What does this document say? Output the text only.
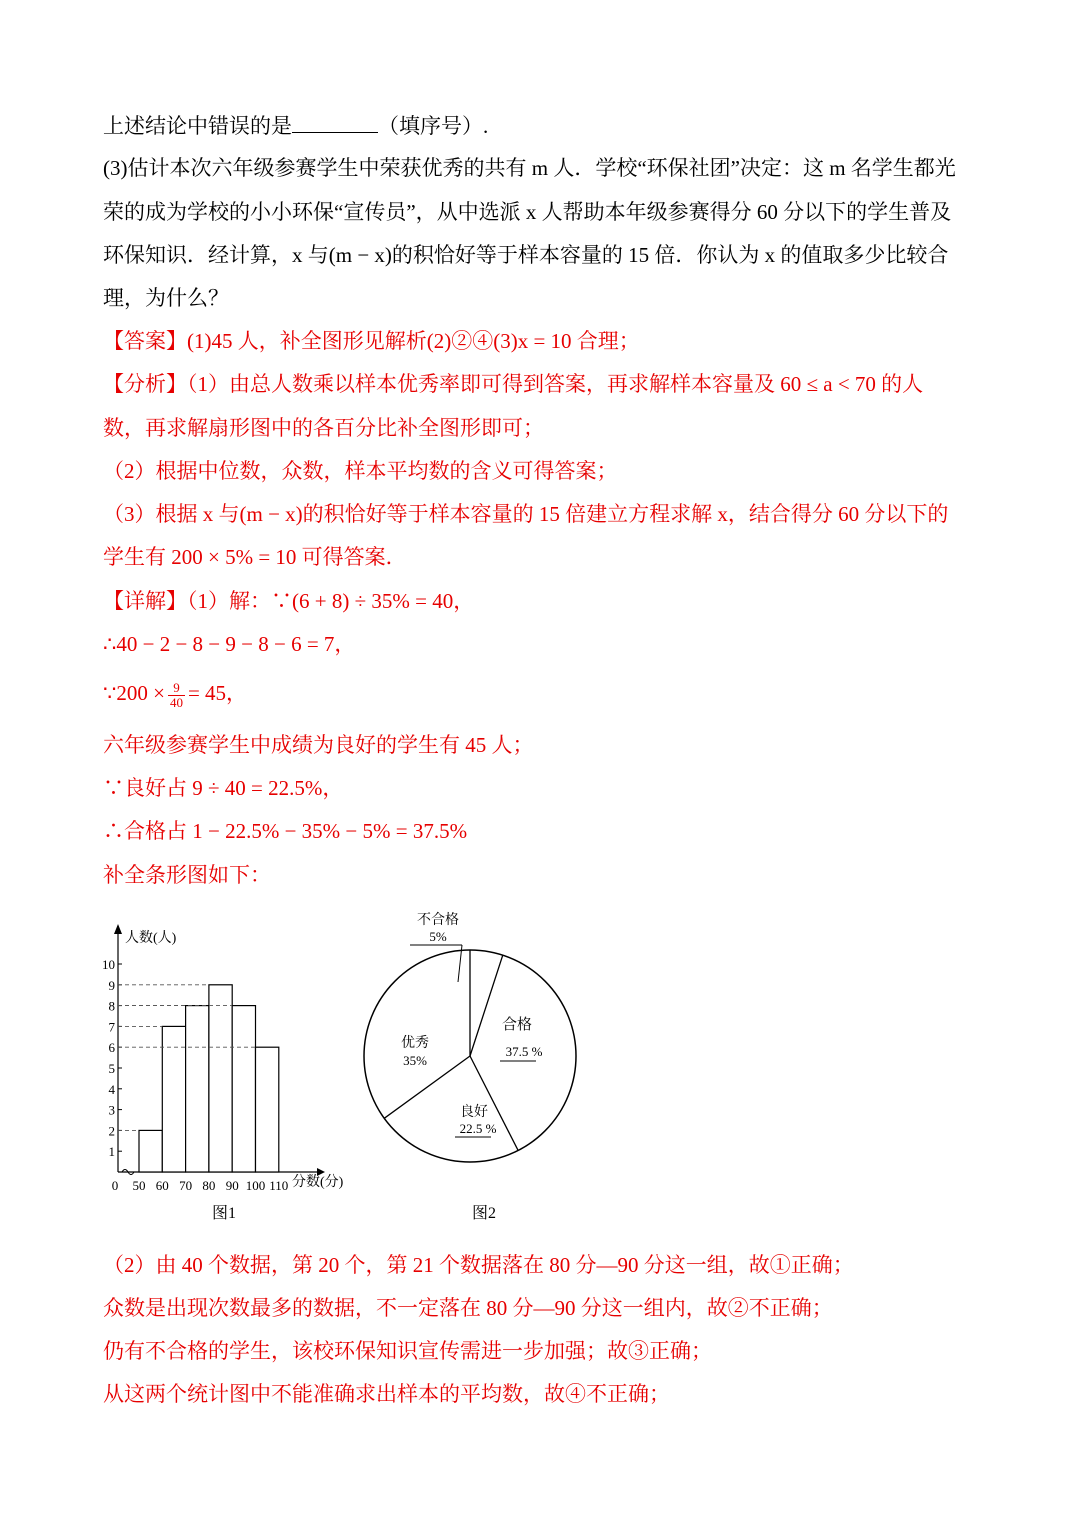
上述结论中错误的是	（填序号）.
(3)估计本次六年级参赛学生中荣获优秀的共有 m 人．学校“环保社团”决定：这 m 名学生都光
荣的成为学校的小小环保“宣传员”，从中选派 x 人帮助本年级参赛得分 60 分以下的学生普及
环保知识．经计算，x 与(m − x)的积恰好等于样本容量的 15 倍．你认为 x 的值取多少比较合
理，为什么？
【答案】(1)45 人，补全图形见解析(2)②④(3)x = 10 合理；
【分析】（1）由总人数乘以样本优秀率即可得到答案，再求解样本容量及 60 ≤ a < 70 的人
数，再求解扇形图中的各百分比补全图形即可；
（2）根据中位数，众数，样本平均数的含义可得答案；
（3）根据 x 与(m − x)的积恰好等于样本容量的 15 倍建立方程求解 x，结合得分 60 分以下的
学生有 200 × 5% = 10 可得答案．
【详解】（1）解：∵(6 + 8) ÷ 35% = 40，
∴40 − 2 − 8 − 9 − 8 − 6 = 7，
∵200 × $\frac{9}{40} = 45$，
六年级参赛学生中成绩为良好的学生有 45 人；
∵良好占 9 ÷ 40 = 22.5%，
∴合格占 1 − 22.5% − 35% − 5% = 37.5%
补全条形图如下：
1
2
3
4
5
6
7
8
9
10
0 50 60 70 80 90 100 110
人数(人)
分数(分)
图1
不合格
5%
合格
37.5 %
良好
22.5 %
优秀
35%
图2
（2）由 40 个数据，第 20 个，第 21 个数据落在 80 分—90 分这一组，故①正确；
众数是出现次数最多的数据，不一定落在 80 分—90 分这一组内，故②不正确；
仍有不合格的学生，该校环保知识宣传需进一步加强；故③正确；
从这两个统计图中不能准确求出样本的平均数，故④不正确；
